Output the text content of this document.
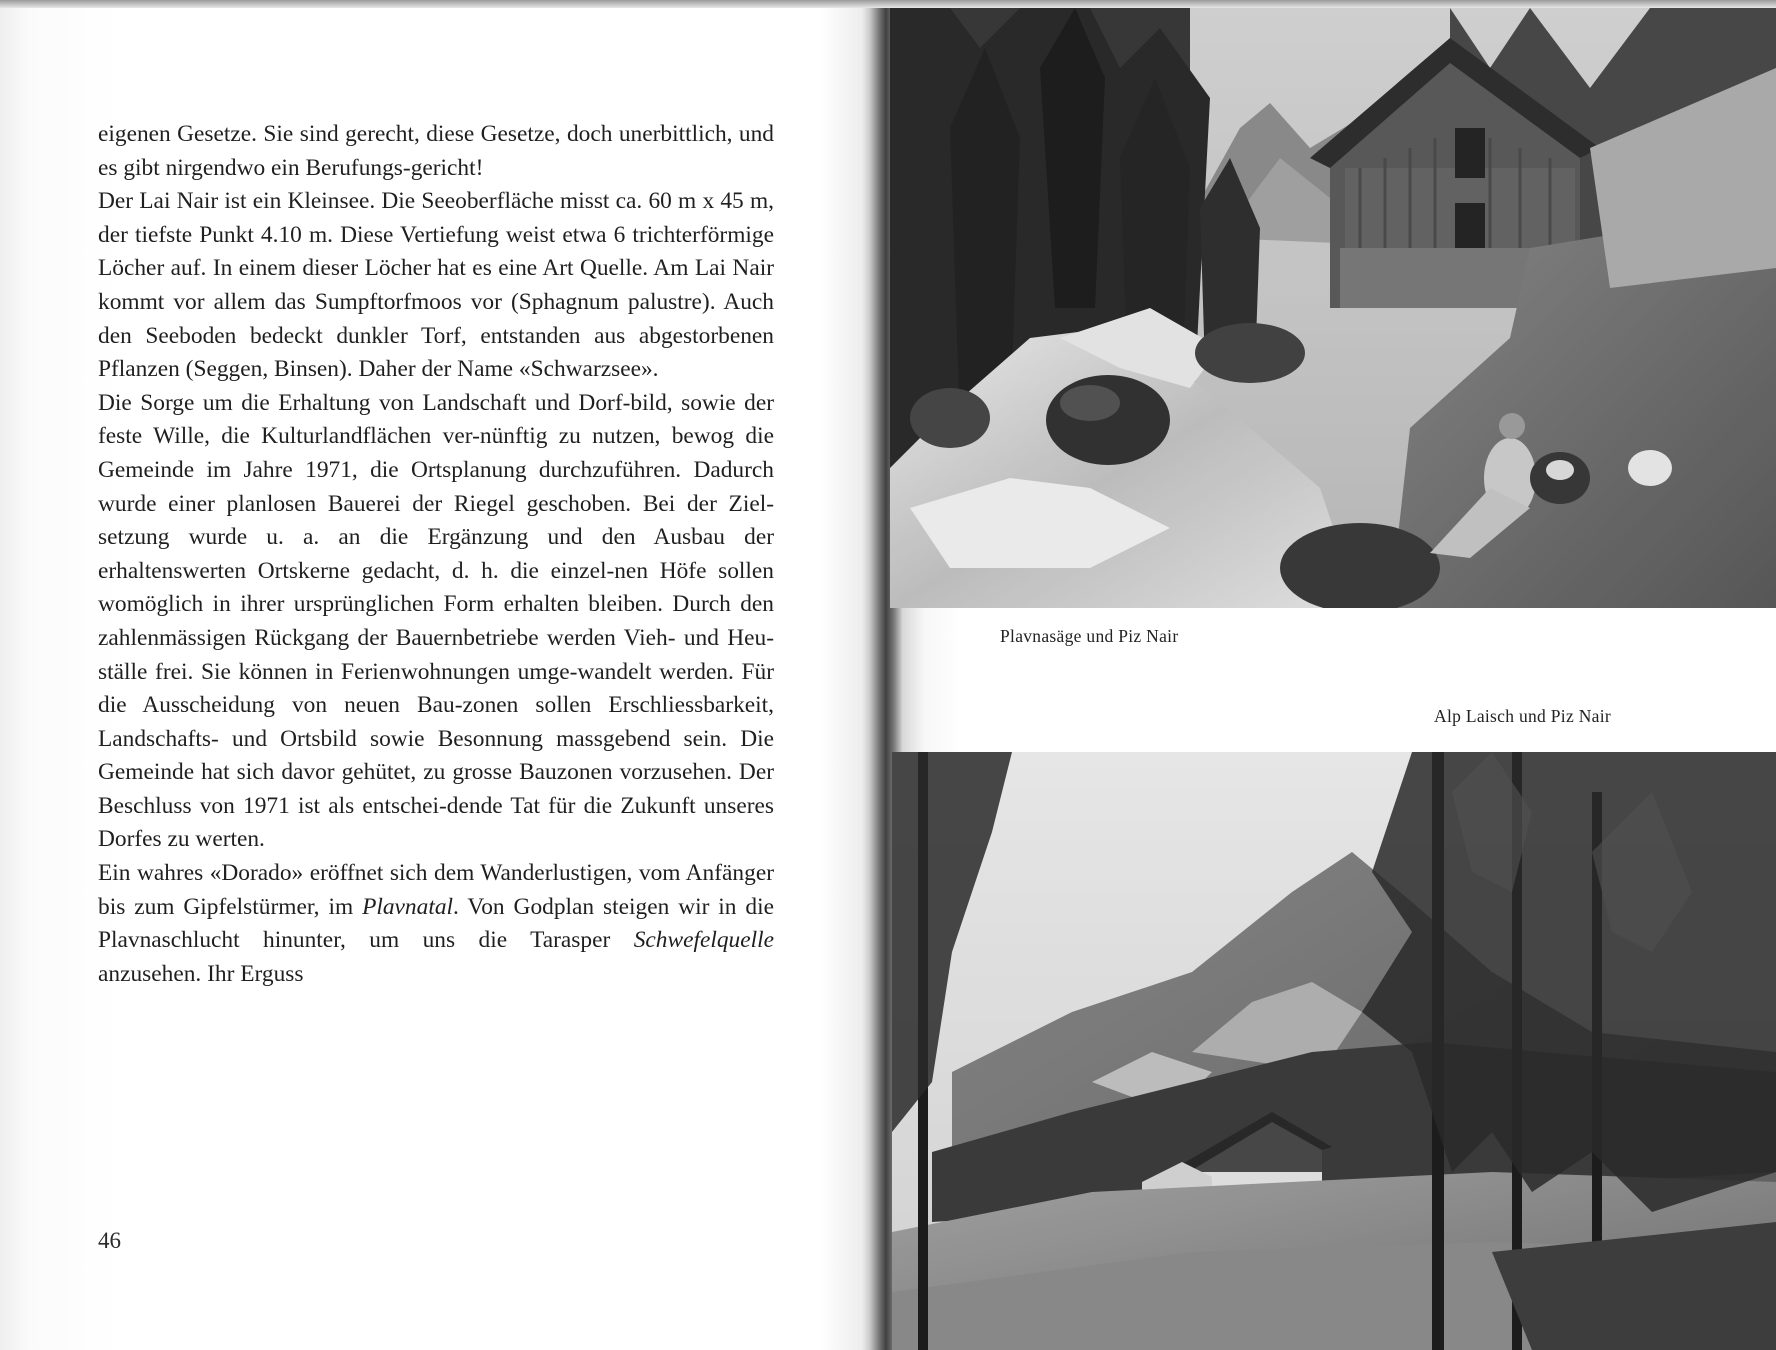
eigenen Gesetze. Sie sind gerecht, diese Gesetze, doch unerbittlich, und es gibt nirgendwo ein Berufungs-gericht!

Der Lai Nair ist ein Kleinsee. Die Seeoberfläche misst ca. 60 m x 45 m, der tiefste Punkt 4.10 m. Diese Vertiefung weist etwa 6 trichterförmige Löcher auf. In einem dieser Löcher hat es eine Art Quelle. Am Lai Nair kommt vor allem das Sumpftorfmoos vor (Sphagnum palustre). Auch den Seeboden bedeckt dunkler Torf, entstanden aus abgestorbenen Pflanzen (Seggen, Binsen). Daher der Name «Schwarzsee».

Die Sorge um die Erhaltung von Landschaft und Dorf-bild, sowie der feste Wille, die Kulturlandflächen ver-nünftig zu nutzen, bewog die Gemeinde im Jahre 1971, die Ortsplanung durchzuführen. Dadurch wurde einer planlosen Bauerei der Riegel geschoben. Bei der Ziel-setzung wurde u. a. an die Ergänzung und den Ausbau der erhaltenswerten Ortskerne gedacht, d. h. die einzel-nen Höfe sollen womöglich in ihrer ursprünglichen Form erhalten bleiben. Durch den zahlenmässigen Rückgang der Bauernbetriebe werden Vieh- und Heu-ställe frei. Sie können in Ferienwohnungen umge-wandelt werden. Für die Ausscheidung von neuen Bau-zonen sollen Erschliessbarkeit, Landschafts- und Ortsbild sowie Besonnung massgebend sein. Die Gemeinde hat sich davor gehütet, zu grosse Bauzonen vorzusehen. Der Beschluss von 1971 ist als entschei-dende Tat für die Zukunft unseres Dorfes zu werten.

Ein wahres «Dorado» eröffnet sich dem Wanderlustigen, vom Anfänger bis zum Gipfelstürmer, im Plavnatal. Von Godplan steigen wir in die Plavnaschlucht hinunter, um uns die Tarasper Schwefelquelle anzusehen. Ihr Erguss

46
Plavnasäge und Piz Nair
Alp Laisch und Piz Nair
